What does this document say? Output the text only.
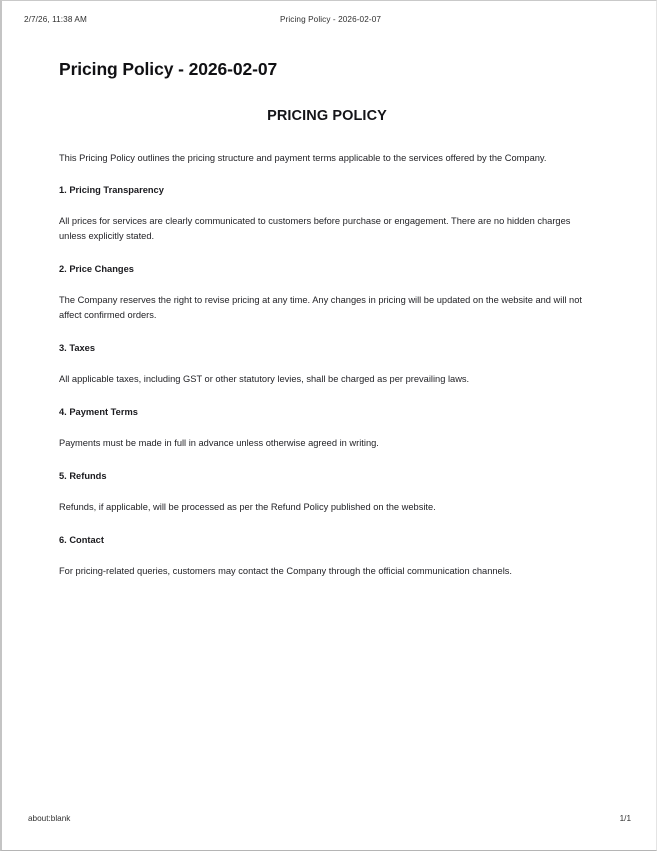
2/7/26, 11:38 AM	Pricing Policy - 2026-02-07
Pricing Policy - 2026-02-07
PRICING POLICY

This Pricing Policy outlines the pricing structure and payment terms applicable to the services offered by the Company.

1. Pricing Transparency

All prices for services are clearly communicated to customers before purchase or engagement. There are no hidden charges unless explicitly stated.

2. Price Changes

The Company reserves the right to revise pricing at any time. Any changes in pricing will be updated on the website and will not affect confirmed orders.

3. Taxes

All applicable taxes, including GST or other statutory levies, shall be charged as per prevailing laws.

4. Payment Terms

Payments must be made in full in advance unless otherwise agreed in writing.

5. Refunds

Refunds, if applicable, will be processed as per the Refund Policy published on the website.

6. Contact

For pricing-related queries, customers may contact the Company through the official communication channels.

about:blank	1/1
